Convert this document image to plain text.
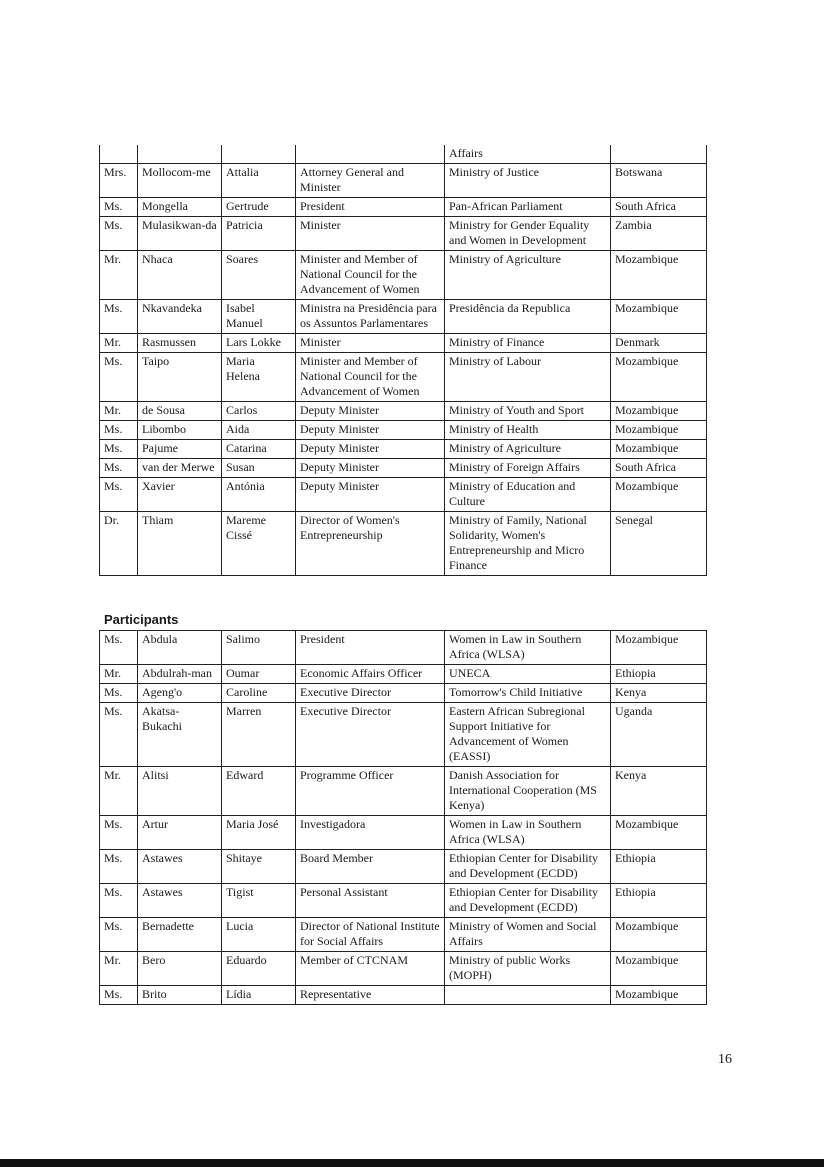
				Affairs	
Mrs.	Mollocom-me	Attalia	Attorney General and Minister	Ministry of Justice	Botswana
Ms.	Mongella	Gertrude	President	Pan-African Parliament	South Africa
Ms.	Mulasikwan-da	Patricia	Minister	Ministry for Gender Equality and Women in Development	Zambia
Mr.	Nhaca	Soares	Minister and Member of National Council for the Advancement of Women	Ministry of Agriculture	Mozambique
Ms.	Nkavandeka	Isabel Manuel	Ministra na Presidência para os Assuntos Parlamentares	Presidência da Republica	Mozambique
Mr.	Rasmussen	Lars Lokke	Minister	Ministry of Finance	Denmark
Ms.	Taipo	Maria Helena	Minister and Member of National Council for the Advancement of Women	Ministry of Labour	Mozambique
Mr.	de Sousa	Carlos	Deputy Minister	Ministry of Youth and Sport	Mozambique
Ms.	Libombo	Aida	Deputy Minister	Ministry of Health	Mozambique
Ms.	Pajume	Catarina	Deputy Minister	Ministry of Agriculture	Mozambique
Ms.	van der Merwe	Susan	Deputy Minister	Ministry of Foreign Affairs	South Africa
Ms.	Xavier	Antónia	Deputy Minister	Ministry of Education and Culture	Mozambique
Dr.	Thiam	Mareme Cissé	Director of Women's Entrepreneurship	Ministry of Family, National Solidarity, Women's Entrepreneurship and Micro Finance	Senegal
Participants
Ms.	Abdula	Salimo	President	Women in Law in Southern Africa (WLSA)	Mozambique
Mr.	Abdulrah-man	Oumar	Economic Affairs Officer	UNECA	Ethiopia
Ms.	Ageng'o	Caroline	Executive Director	Tomorrow's Child Initiative	Kenya
Ms.	Akatsa-Bukachi	Marren	Executive Director	Eastern African Subregional Support Initiative for Advancement of Women (EASSI)	Uganda
Mr.	Alitsi	Edward	Programme Officer	Danish Association for International Cooperation (MS Kenya)	Kenya
Ms.	Artur	Maria José	Investigadora	Women in Law in Southern Africa (WLSA)	Mozambique
Ms.	Astawes	Shitaye	Board Member	Ethiopian Center for Disability and Development (ECDD)	Ethiopia
Ms.	Astawes	Tigist	Personal Assistant	Ethiopian Center for Disability and Development (ECDD)	Ethiopia
Ms.	Bernadette	Lucia	Director of National Institute for Social Affairs	Ministry of Women and Social Affairs	Mozambique
Mr.	Bero	Eduardo	Member of CTCNAM	Ministry of public Works (MOPH)	Mozambique
Ms.	Brito	Lídia	Representative		Mozambique
16
